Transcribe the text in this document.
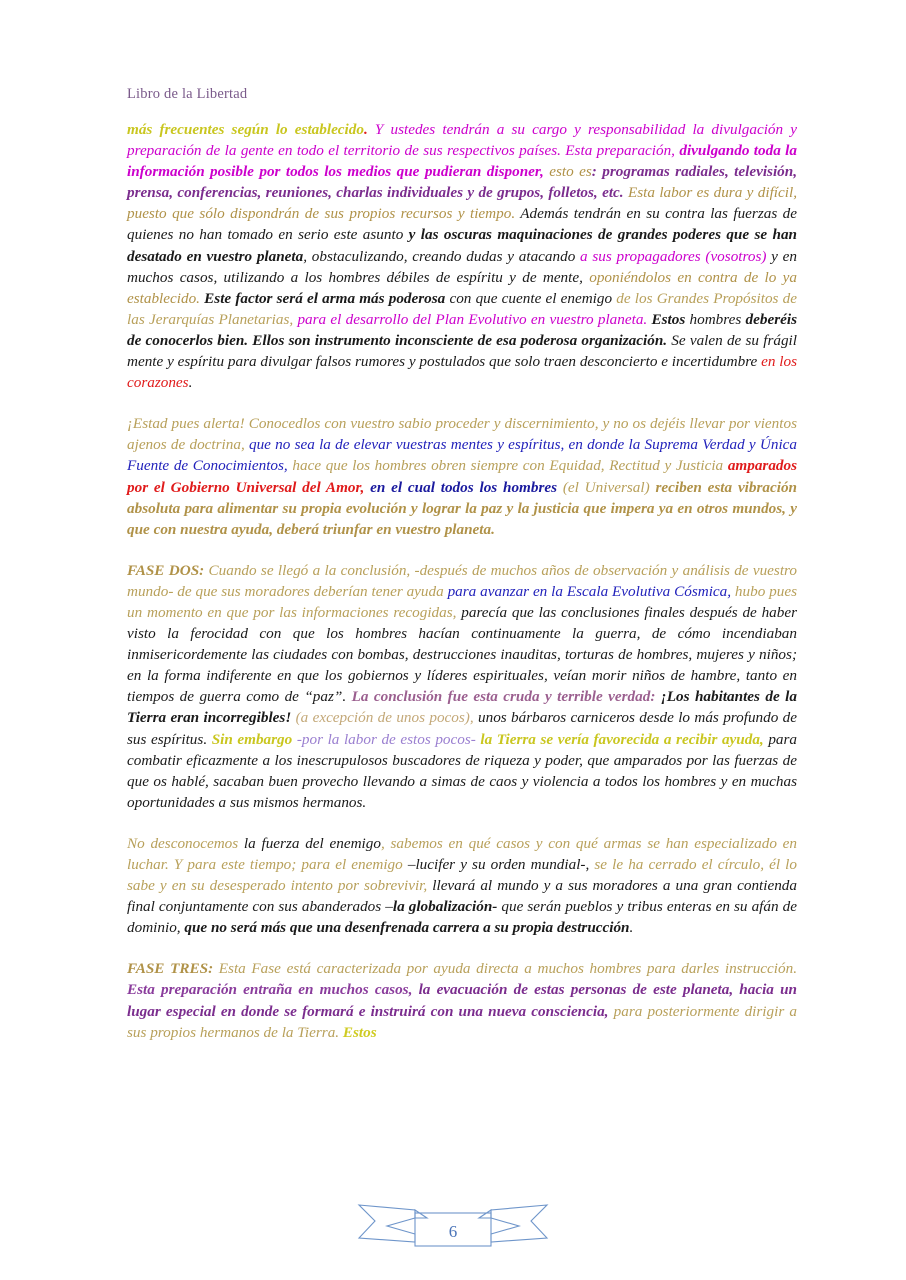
Libro de la Libertad

más frecuentes según lo establecido. Y ustedes tendrán a su cargo y responsabilidad la divulgación y preparación de la gente en todo el territorio de sus respectivos países. Esta preparación, divulgando toda la información posible por todos los medios que pudieran disponer, esto es: programas radiales, televisión, prensa, conferencias, reuniones, charlas individuales y de grupos, folletos, etc. Esta labor es dura y difícil, puesto que sólo dispondrán de sus propios recursos y tiempo. Además tendrán en su contra las fuerzas de quienes no han tomado en serio este asunto y las oscuras maquinaciones de grandes poderes que se han desatado en vuestro planeta, obstaculizando, creando dudas y atacando a sus propagadores (vosotros) y en muchos casos, utilizando a los hombres débiles de espíritu y de mente, oponiéndolos en contra de lo ya establecido. Este factor será el arma más poderosa con que cuente el enemigo de los Grandes Propósitos de las Jerarquías Planetarias, para el desarrollo del Plan Evolutivo en vuestro planeta. Estos hombres deberéis de conocerlos bien. Ellos son instrumento inconsciente de esa poderosa organización. Se valen de su frágil mente y espíritu para divulgar falsos rumores y postulados que solo traen desconcierto e incertidumbre en los corazones.

¡Estad pues alerta! Conocedlos con vuestro sabio proceder y discernimiento, y no os dejéis llevar por vientos ajenos de doctrina, que no sea la de elevar vuestras mentes y espíritus, en donde la Suprema Verdad y Única Fuente de Conocimientos, hace que los hombres obren siempre con Equidad, Rectitud y Justicia amparados por el Gobierno Universal del Amor, en el cual todos los hombres (el Universal) reciben esta vibración absoluta para alimentar su propia evolución y lograr la paz y la justicia que impera ya en otros mundos, y que con nuestra ayuda, deberá triunfar en vuestro planeta.

FASE DOS: Cuando se llegó a la conclusión, -después de muchos años de observación y análisis de vuestro mundo- de que sus moradores deberían tener ayuda para avanzar en la Escala Evolutiva Cósmica, hubo pues un momento en que por las informaciones recogidas, parecía que las conclusiones finales después de haber visto la ferocidad con que los hombres hacían continuamente la guerra, de cómo incendiaban inmisericordemente las ciudades con bombas, destrucciones inauditas, torturas de hombres, mujeres y niños; en la forma indiferente en que los gobiernos y líderes espirituales, veían morir niños de hambre, tanto en tiempos de guerra como de “paz”. La conclusión fue esta cruda y terrible verdad: ¡Los habitantes de la Tierra eran incorregibles! (a excepción de unos pocos), unos bárbaros carniceros desde lo más profundo de sus espíritus. Sin embargo -por la labor de estos pocos- la Tierra se vería favorecida a recibir ayuda, para combatir eficazmente a los inescrupulosos buscadores de riqueza y poder, que amparados por las fuerzas de que os hablé, sacaban buen provecho llevando a simas de caos y violencia a todos los hombres y en muchas oportunidades a sus mismos hermanos.

No desconocemos la fuerza del enemigo, sabemos en qué casos y con qué armas se han especializado en luchar. Y para este tiempo; para el enemigo –lucifer y su orden mundial-, se le ha cerrado el círculo, él lo sabe y en su desesperado intento por sobrevivir, llevará al mundo y a sus moradores a una gran contienda final conjuntamente con sus abanderados –la globalización- que serán pueblos y tribus enteras en su afán de dominio, que no será más que una desenfrenada carrera a su propia destrucción.

FASE TRES: Esta Fase está caracterizada por ayuda directa a muchos hombres para darles instrucción. Esta preparación entraña en muchos casos, la evacuación de estas personas de este planeta, hacia un lugar especial en donde se formará e instruirá con una nueva consciencia, para posteriormente dirigir a sus propios hermanos de la Tierra. Estos

6
